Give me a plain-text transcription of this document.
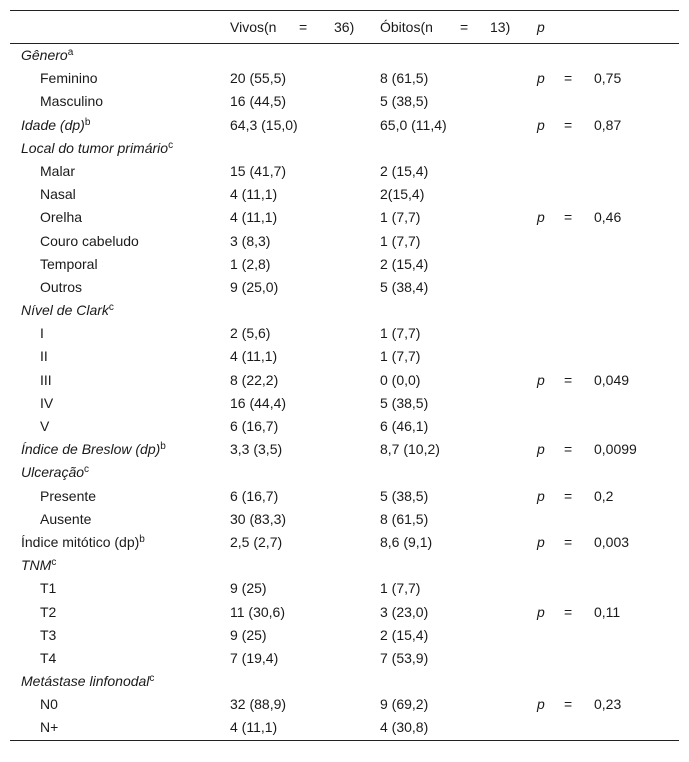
Vivos(n = 36) Óbitos(n = 13) p
Gênero$^a$
Feminino	20 (55,5)	8 (61,5)	p = 0,75
Masculino	16 (44,5)	5 (38,5)
Idade (dp)$^b$	64,3 (15,0)	65,0 (11,4)	p = 0,87
Local do tumor primário$^c$
Malar	15 (41,7)	2 (15,4)
Nasal	4 (11,1)	2(15,4)
Orelha	4 (11,1)	1 (7,7)	p = 0,46
Couro cabeludo	3 (8,3)	1 (7,7)
Temporal	1 (2,8)	2 (15,4)
Outros	9 (25,0)	5 (38,4)
Nível de Clark$^c$
I	2 (5,6)	1 (7,7)
II	4 (11,1)	1 (7,7)
III	8 (22,2)	0 (0,0)	p = 0,049
IV	16 (44,4)	5 (38,5)
V	6 (16,7)	6 (46,1)
Índice de Breslow (dp)$^b$	3,3 (3,5)	8,7 (10,2)	p = 0,0099
Ulceração$^c$
Presente	6 (16,7)	5 (38,5)	p = 0,2
Ausente	30 (83,3)	8 (61,5)
Índice mitótico (dp)$^b$	2,5 (2,7)	8,6 (9,1)	p = 0,003
TNM$^c$
T1	9 (25)	1 (7,7)
T2	11 (30,6)	3 (23,0)	p = 0,11
T3	9 (25)	2 (15,4)
T4	7 (19,4)	7 (53,9)
Metástase linfonodal$^c$
N0	32 (88,9)	9 (69,2)	p = 0,23
N+	4 (11,1)	4 (30,8)
